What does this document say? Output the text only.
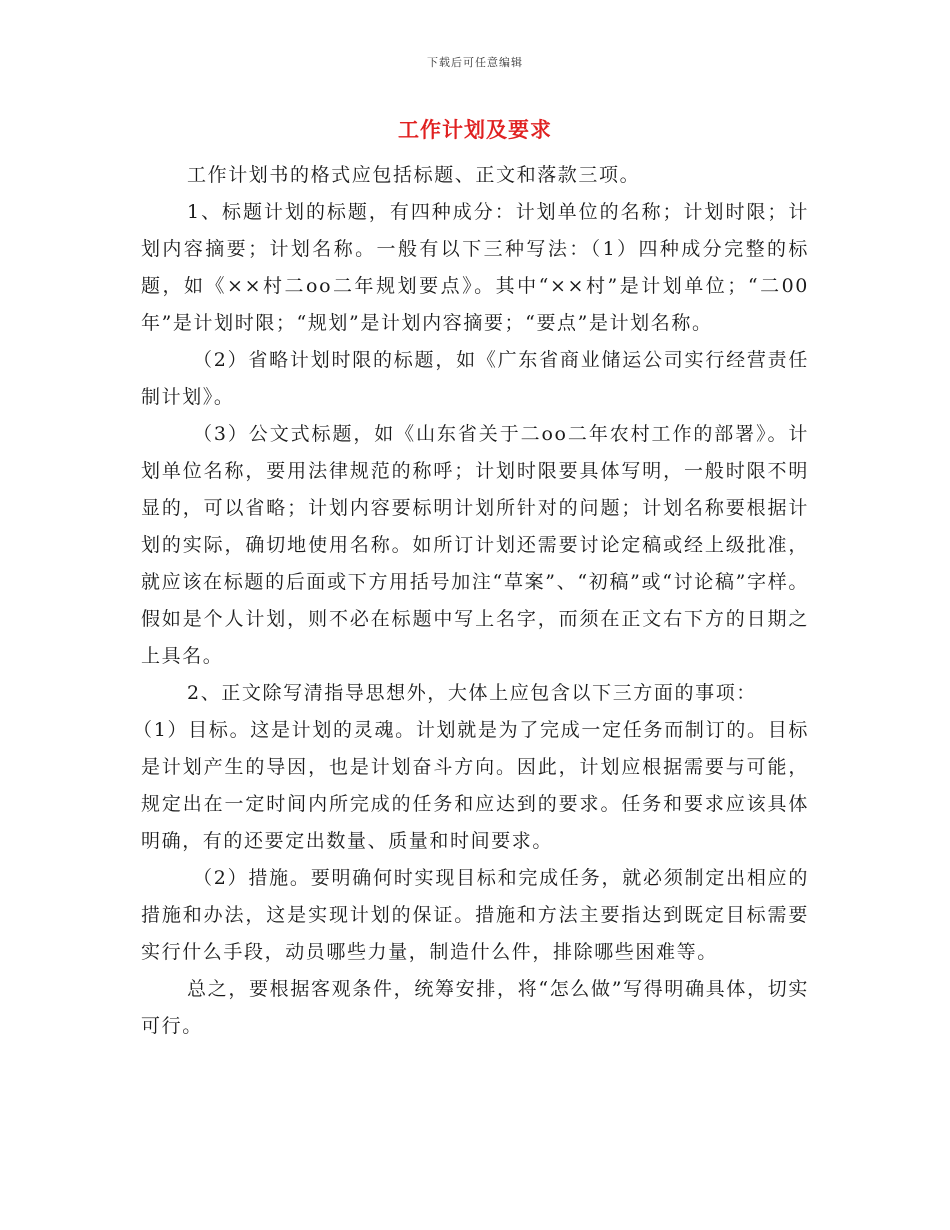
下载后可任意编辑
工作计划及要求

工作计划书的格式应包括标题、正文和落款三项。

1、标题计划的标题，有四种成分：计划单位的名称；计划时限；计划内容摘要；计划名称。一般有以下三种写法：（1）四种成分完整的标题，如《××村二oo二年规划要点》。其中“××村”是计划单位；“二00年”是计划时限；“规划”是计划内容摘要；“要点”是计划名称。

（2）省略计划时限的标题，如《广东省商业储运公司实行经营责任制计划》。

（3）公文式标题，如《山东省关于二oo二年农村工作的部署》。计划单位名称，要用法律规范的称呼；计划时限要具体写明，一般时限不明显的，可以省略；计划内容要标明计划所针对的问题；计划名称要根据计划的实际，确切地使用名称。如所订计划还需要讨论定稿或经上级批准，就应该在标题的后面或下方用括号加注“草案”、“初稿”或“讨论稿”字样。假如是个人计划，则不必在标题中写上名字，而须在正文右下方的日期之上具名。

2、正文除写清指导思想外，大体上应包含以下三方面的事项：

（1）目标。这是计划的灵魂。计划就是为了完成一定任务而制订的。目标是计划产生的导因，也是计划奋斗方向。因此，计划应根据需要与可能，规定出在一定时间内所完成的任务和应达到的要求。任务和要求应该具体明确，有的还要定出数量、质量和时间要求。

（2）措施。要明确何时实现目标和完成任务，就必须制定出相应的措施和办法，这是实现计划的保证。措施和方法主要指达到既定目标需要实行什么手段，动员哪些力量，制造什么件，排除哪些困难等。

总之，要根据客观条件，统筹安排，将“怎么做”写得明确具体，切实可行。
